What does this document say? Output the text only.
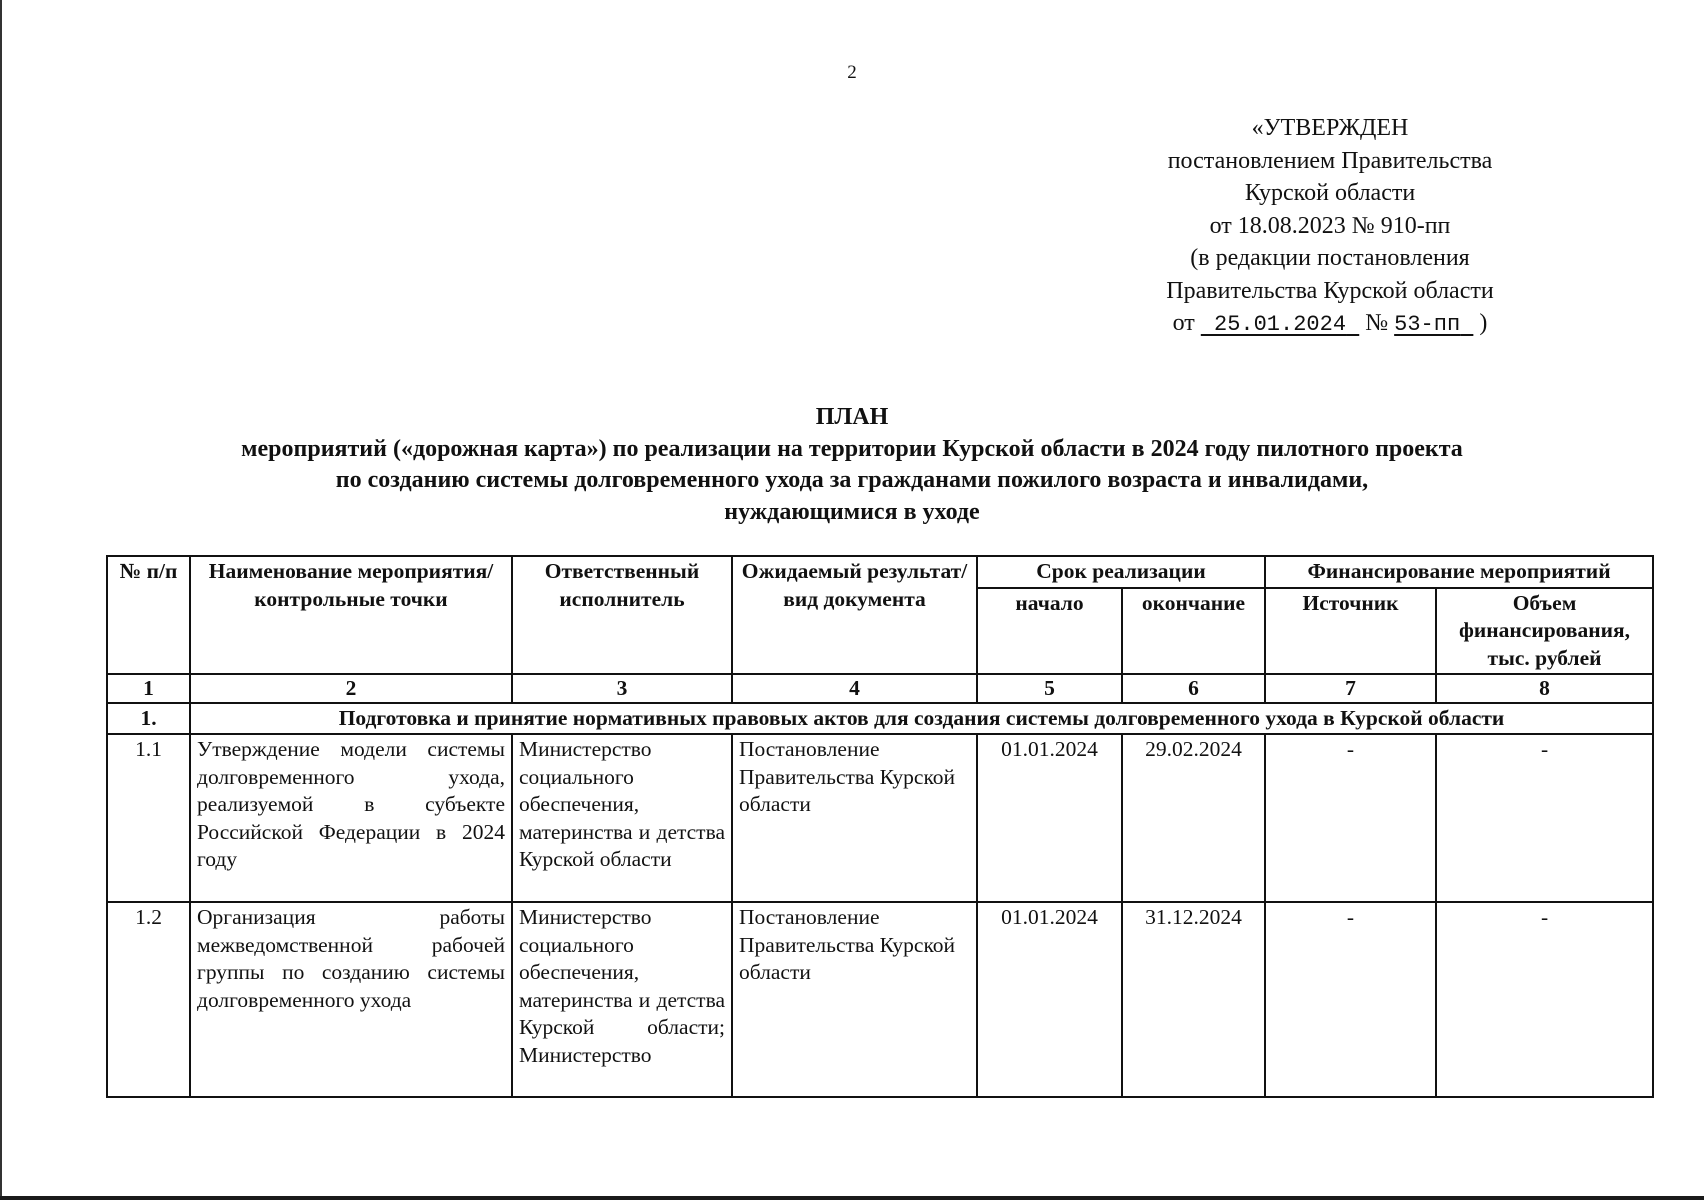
2
«УТВЕРЖДЕН
постановлением Правительства
Курской области
от 18.08.2023 № 910-пп
(в редакции постановления
Правительства Курской области
от 25.01.2024 № 53-пп )
ПЛАН
мероприятий («дорожная карта») по реализации на территории Курской области в 2024 году пилотного проекта
по созданию системы долговременного ухода за гражданами пожилого возраста и инвалидами,
нуждающимися в уходе
№ п/п	Наименование мероприятия/контрольные точки	Ответственный исполнитель	Ожидаемый результат/вид документа	Срок реализации		Финансирование мероприятий	
				начало	окончание	Источник	Объем финансирования, тыс. рублей
1	2	3	4	5	6	7	8
1.	Подготовка и принятие нормативных правовых актов для создания системы долговременного ухода в Курской области						
1.1	Утверждение модели системы долговременного ухода, реализуемой в субъекте Российской Федерации в 2024 году	Министерство социального обеспечения, материнства и детства Курской области	Постановление Правительства Курской области	01.01.2024	29.02.2024	-	-
1.2	Организация работы межведомственной рабочей группы по созданию системы долговременного ухода	Министерство социального обеспечения, материнства и детства Курской области; Министерство	Постановление Правительства Курской области	01.01.2024	31.12.2024	-	-
